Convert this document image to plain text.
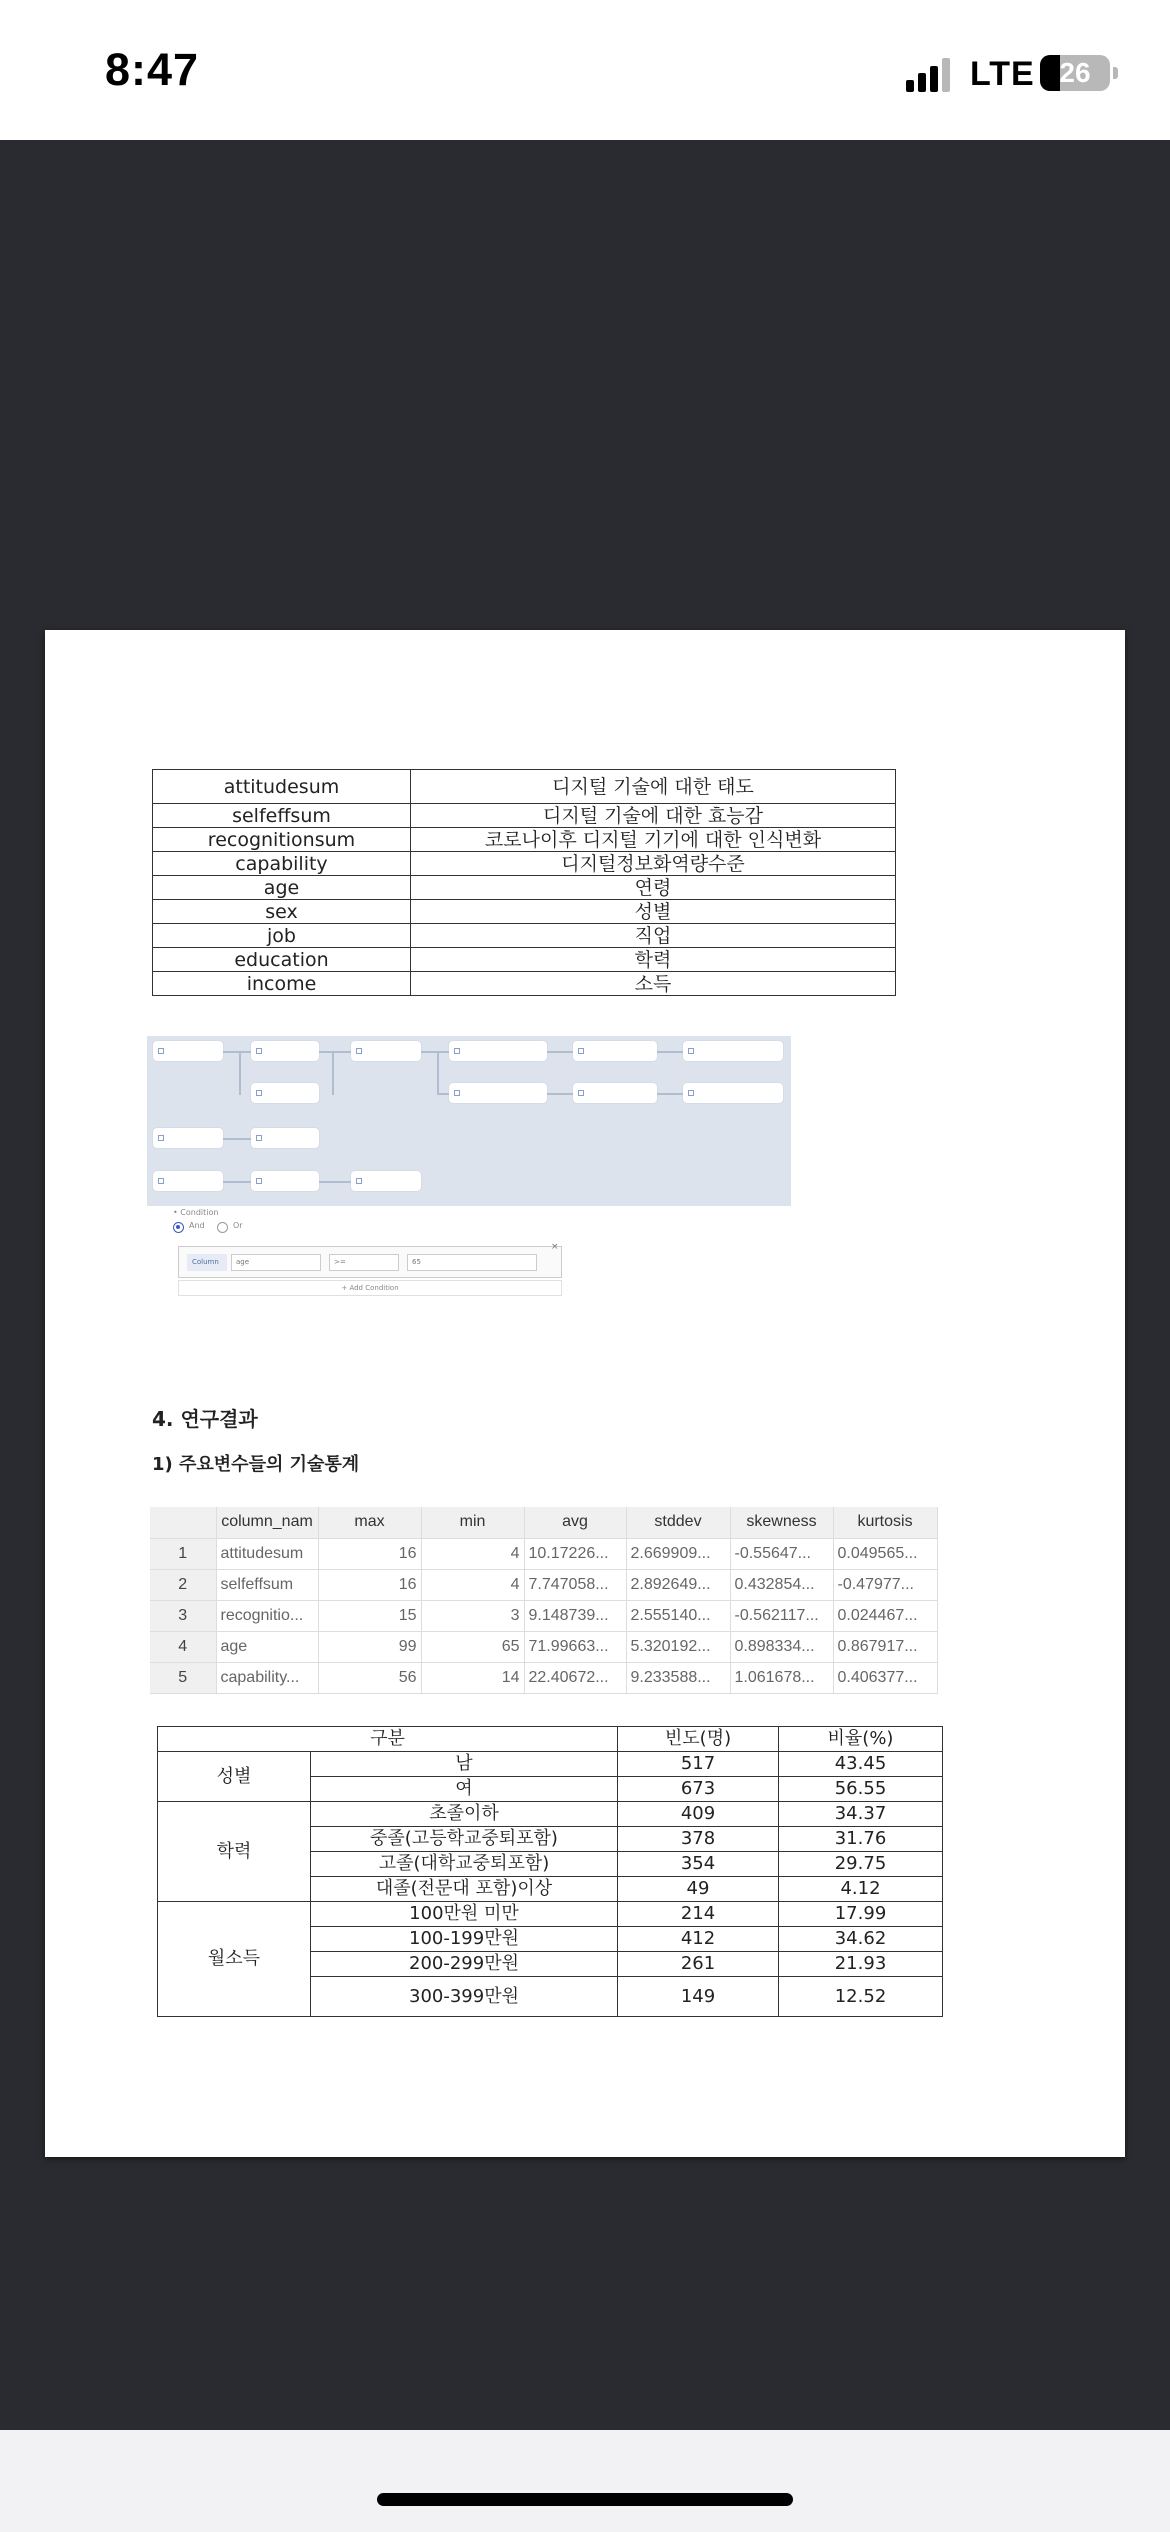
8:47	LTE 26
attitudesum	디지털 기술에 대한 태도
selfeffsum	디지털 기술에 대한 효능감
recognitionsum	코로나이후 디지털 기기에 대한 인식변화
capability	디지털정보화역량수준
age	연령
sex	성별
job	직업
education	학력
income	소득
• Condition
And	Or
Column	age	>=	65
×
+ Add Condition
4. 연구결과
1) 주요변수들의 기술통계
	column_nam	max	min	avg	stddev	skewness	kurtosis
1	attitudesum	16	4	10.17226...	2.669909...	-0.55647...	0.049565...
2	selfeffsum	16	4	7.747058...	2.892649...	0.432854...	-0.47977...
3	recognitio...	15	3	9.148739...	2.555140...	-0.562117...	0.024467...
4	age	99	65	71.99663...	5.320192...	0.898334...	0.867917...
5	capability...	56	14	22.40672...	9.233588...	1.061678...	0.406377...
구분		빈도(명)	비율(%)
성별	남	517	43.45
	여	673	56.55
학력	초졸이하	409	34.37
	중졸(고등학교중퇴포함)	378	31.76
	고졸(대학교중퇴포함)	354	29.75
	대졸(전문대 포함)이상	49	4.12
월소득	100만원 미만	214	17.99
	100-199만원	412	34.62
	200-299만원	261	21.93
	300-399만원	149	12.52
